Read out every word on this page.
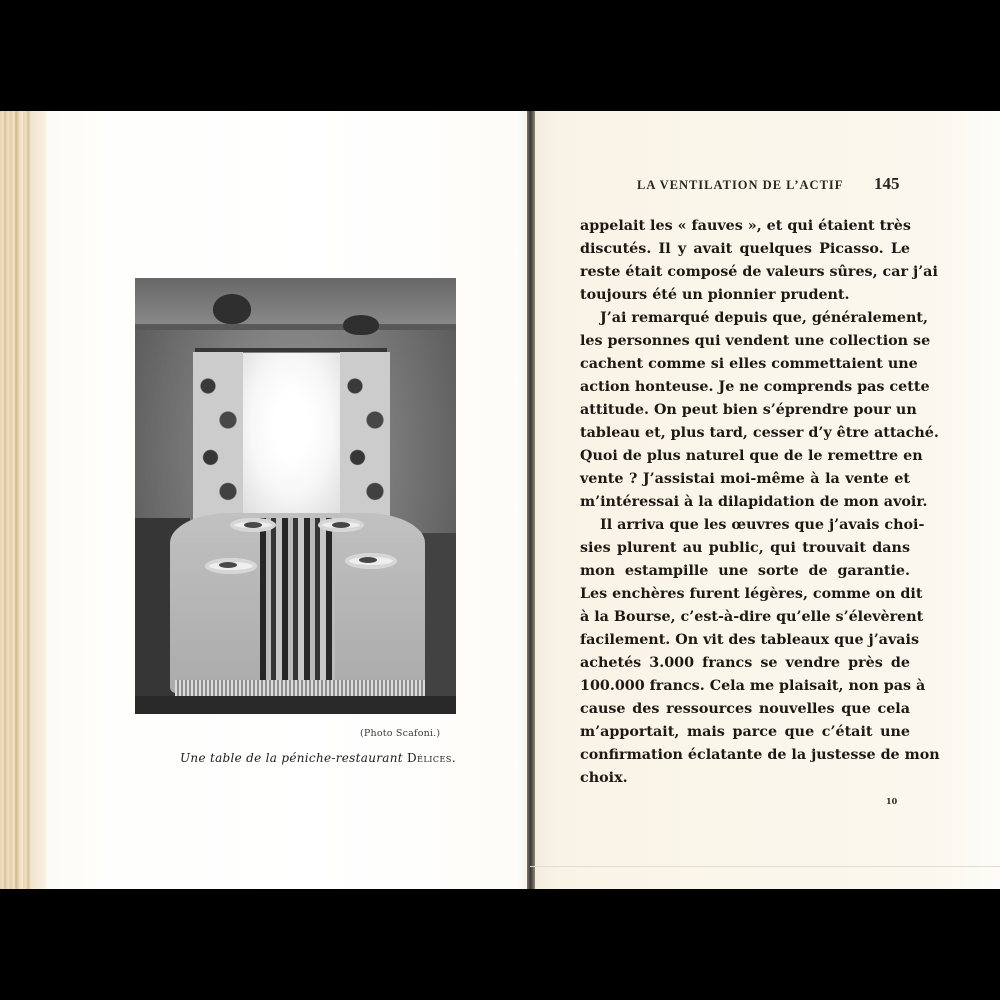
(Photo Scafoni.)
Une table de la péniche-restaurant Délices.
LA VENTILATION DE L’ACTIF 145
appelait les « fauves », et qui étaient très
discutés. Il y avait quelques Picasso. Le
reste était composé de valeurs sûres, car j’ai
toujours été un pionnier prudent.
J’ai remarqué depuis que, généralement,
les personnes qui vendent une collection se
cachent comme si elles commettaient une
action honteuse. Je ne comprends pas cette
attitude. On peut bien s’éprendre pour un
tableau et, plus tard, cesser d’y être attaché.
Quoi de plus naturel que de le remettre en
vente ? J’assistai moi-même à la vente et
m’intéressai à la dilapidation de mon avoir.
Il arriva que les œuvres que j’avais choi-
sies plurent au public, qui trouvait dans
mon estampille une sorte de garantie.
Les enchères furent légères, comme on dit
à la Bourse, c’est-à-dire qu’elle s’élevèrent
facilement. On vit des tableaux que j’avais
achetés 3.000 francs se vendre près de
100.000 francs. Cela me plaisait, non pas à
cause des ressources nouvelles que cela
m’apportait, mais parce que c’était une
confirmation éclatante de la justesse de mon
choix.
10
